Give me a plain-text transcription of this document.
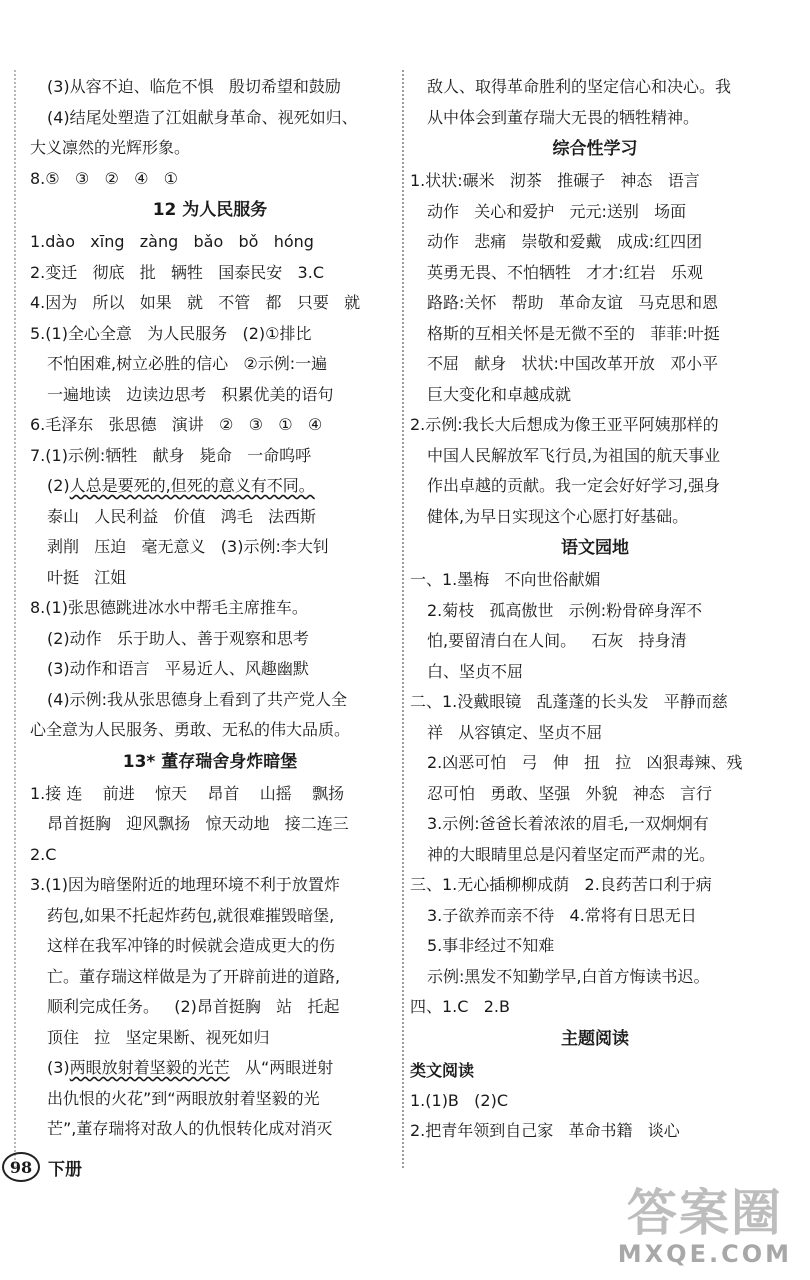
(3)从容不迫、临危不惧   殷切希望和鼓励

(4)结尾处塑造了江姐献身革命、视死如归、

大义凛然的光辉形象。

8.⑤   ③   ②   ④   ①

12 为人民服务

1.dào   xīng   zàng   bǎo   bǒ   hóng

2.变迁   彻底   批   辆牲   国泰民安   3.C

4.因为   所以   如果   就   不管   都   只要   就

5.(1)全心全意   为人民服务   (2)①排比

不怕困难,树立必胜的信心   ②示例:一遍

一遍地读   边读边思考   积累优美的语句

6.毛泽东   张思德   演讲   ②   ③   ①   ④

7.(1)示例:牺牲   献身   毙命   一命呜呼

(2)人总是要死的,但死的意义有不同。

泰山   人民利益   价值   鸿毛   法西斯

剥削   压迫   毫无意义   (3)示例:李大钊

叶挺   江姐

8.(1)张思德跳进冰水中帮毛主席推车。

(2)动作   乐于助人、善于观察和思考

(3)动作和语言   平易近人、风趣幽默

(4)示例:我从张思德身上看到了共产党人全

心全意为人民服务、勇敢、无私的伟大品质。

13* 董存瑞舍身炸暗堡

1.接 连    前进    惊天    昂首    山摇    飘扬

昂首挺胸   迎风飘扬   惊天动地   接二连三

2.C

3.(1)因为暗堡附近的地理环境不利于放置炸

药包,如果不托起炸药包,就很难摧毁暗堡,

这样在我军冲锋的时候就会造成更大的伤

亡。董存瑞这样做是为了开辟前进的道路,

顺利完成任务。   (2)昂首挺胸   站   托起

顶住   拉   坚定果断、视死如归

(3)两眼放射着坚毅的光芒   从“两眼迸射

出仇恨的火花”到“两眼放射着坚毅的光

芒”,董存瑞将对敌人的仇恨转化成对消灭

敌人、取得革命胜利的坚定信心和决心。我

从中体会到董存瑞大无畏的牺牲精神。

综合性学习

1.状状:碾米   沏茶   推碾子   神态   语言

动作   关心和爱护   元元:送别   场面

动作   悲痛   崇敬和爱戴   成成:红四团

英勇无畏、不怕牺牲   才才:红岩   乐观

路路:关怀   帮助   革命友谊   马克思和恩

格斯的互相关怀是无微不至的   菲菲:叶挺

不屈   献身   状状:中国改革开放   邓小平

巨大变化和卓越成就

2.示例:我长大后想成为像王亚平阿姨那样的

中国人民解放军飞行员,为祖国的航天事业

作出卓越的贡献。我一定会好好学习,强身

健体,为早日实现这个心愿打好基础。

语文园地

一、1.墨梅   不向世俗献媚

2.菊枝   孤高傲世   示例:粉骨碎身浑不

怕,要留清白在人间。   石灰   持身清

白、坚贞不屈

二、1.没戴眼镜   乱蓬蓬的长头发   平静而慈

祥   从容镇定、坚贞不屈

2.凶恶可怕   弓   伸   扭   拉   凶狠毒辣、残

忍可怕   勇敢、坚强   外貌   神态   言行

3.示例:爸爸长着浓浓的眉毛,一双炯炯有

神的大眼睛里总是闪着坚定而严肃的光。

三、1.无心插柳柳成荫   2.良药苦口利于病

3.子欲养而亲不待   4.常将有日思无日

5.事非经过不知难

示例:黑发不知勤学早,白首方悔读书迟。

四、1.C   2.B

主题阅读

类文阅读

1.(1)B   (2)C

2.把青年领到自己家   革命书籍   谈心

98 下册
答案圈
MXQE.COM
